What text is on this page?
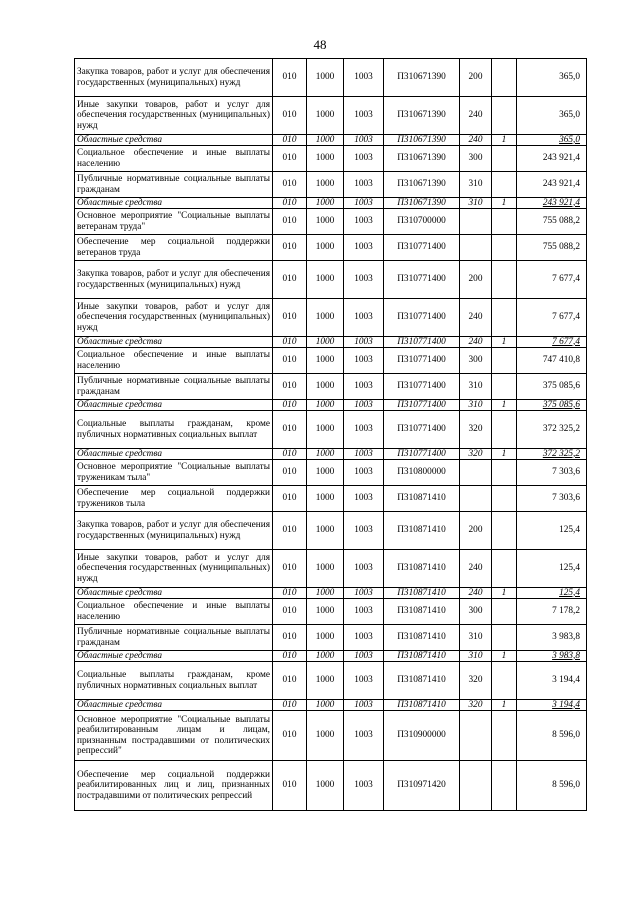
48
Закупка товаров, работ и услуг для обеспечения государственных (муниципальных) нужд	010	1000	1003	П310671390	200		365,0
Иные закупки товаров, работ и услуг для обеспечения государственных (муниципальных) нужд	010	1000	1003	П310671390	240		365,0
Областные средства	010	1000	1003	П310671390	240	1	365,0
Социальное обеспечение и иные выплаты населению	010	1000	1003	П310671390	300		243 921,4
Публичные нормативные социальные выплаты гражданам	010	1000	1003	П310671390	310		243 921,4
Областные средства	010	1000	1003	П310671390	310	1	243 921,4
Основное мероприятие "Социальные выплаты ветеранам труда"	010	1000	1003	П310700000			755 088,2
Обеспечение мер социальной поддержки ветеранов труда	010	1000	1003	П310771400			755 088,2
Закупка товаров, работ и услуг для обеспечения государственных (муниципальных) нужд	010	1000	1003	П310771400	200		7 677,4
Иные закупки товаров, работ и услуг для обеспечения государственных (муниципальных) нужд	010	1000	1003	П310771400	240		7 677,4
Областные средства	010	1000	1003	П310771400	240	1	7 677,4
Социальное обеспечение и иные выплаты населению	010	1000	1003	П310771400	300		747 410,8
Публичные нормативные социальные выплаты гражданам	010	1000	1003	П310771400	310		375 085,6
Областные средства	010	1000	1003	П310771400	310	1	375 085,6
Социальные выплаты гражданам, кроме публичных нормативных социальных выплат	010	1000	1003	П310771400	320		372 325,2
Областные средства	010	1000	1003	П310771400	320	1	372 325,2
Основное мероприятие "Социальные выплаты труженикам тыла"	010	1000	1003	П310800000			7 303,6
Обеспечение мер социальной поддержки тружеников тыла	010	1000	1003	П310871410			7 303,6
Закупка товаров, работ и услуг для обеспечения государственных (муниципальных) нужд	010	1000	1003	П310871410	200		125,4
Иные закупки товаров, работ и услуг для обеспечения государственных (муниципальных) нужд	010	1000	1003	П310871410	240		125,4
Областные средства	010	1000	1003	П310871410	240	1	125,4
Социальное обеспечение и иные выплаты населению	010	1000	1003	П310871410	300		7 178,2
Публичные нормативные социальные выплаты гражданам	010	1000	1003	П310871410	310		3 983,8
Областные средства	010	1000	1003	П310871410	310	1	3 983,8
Социальные выплаты гражданам, кроме публичных нормативных социальных выплат	010	1000	1003	П310871410	320		3 194,4
Областные средства	010	1000	1003	П310871410	320	1	3 194,4
Основное мероприятие "Социальные выплаты реабилитированным лицам и лицам, признанным пострадавшими от политических репрессий"	010	1000	1003	П310900000			8 596,0
Обеспечение мер социальной поддержки реабилитированных лиц и лиц, признанных пострадавшими от политических репрессий	010	1000	1003	П310971420			8 596,0
